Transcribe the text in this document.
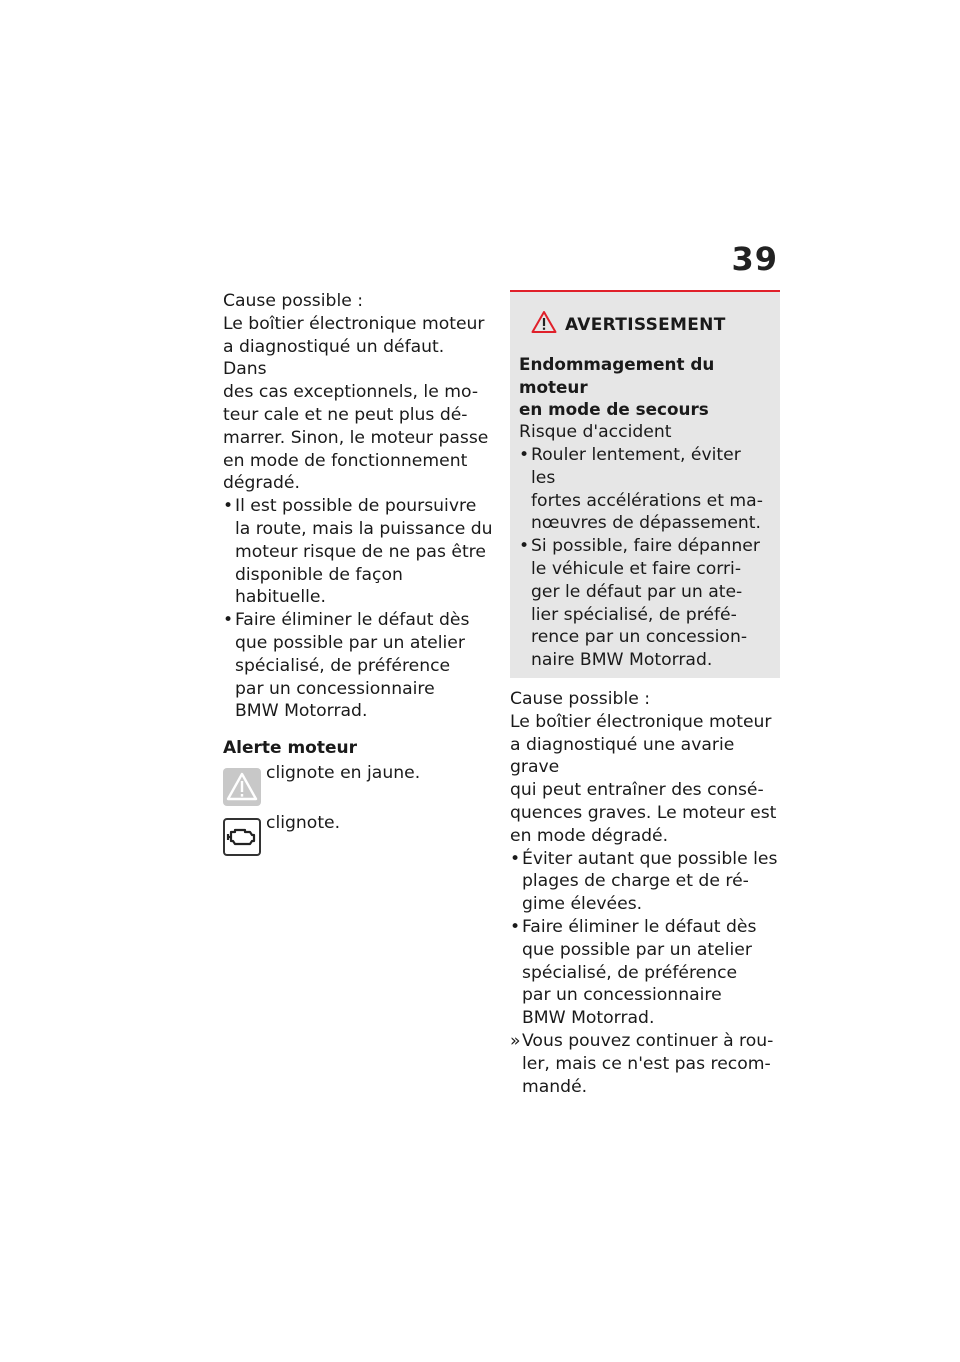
39

Cause possible :

Le boîtier électronique moteur
a diagnostiqué un défaut. Dans
des cas exceptionnels, le mo-
teur cale et ne peut plus dé-
marrer. Sinon, le moteur passe
en mode de fonctionnement
dégradé.

• Il est possible de poursuivre
la route, mais la puissance du
moteur risque de ne pas être
disponible de façon habituelle.
• Faire éliminer le défaut dès
que possible par un atelier
spécialisé, de préférence
par un concessionnaire
BMW Motorrad.
Alerte moteur
clignote en jaune.
clignote.
AVERTISSEMENT

Endommagement du moteur
en mode de secours

Risque d'accident

• Rouler lentement, éviter les
fortes accélérations et ma-
nœuvres de dépassement.
• Si possible, faire dépanner
le véhicule et faire corri-
ger le défaut par un ate-
lier spécialisé, de préfé-
rence par un concession-
naire BMW Motorrad.

Cause possible :

Le boîtier électronique moteur
a diagnostiqué une avarie grave
qui peut entraîner des consé-
quences graves. Le moteur est
en mode dégradé.

• Éviter autant que possible les
plages de charge et de ré-
gime élevées.
• Faire éliminer le défaut dès
que possible par un atelier
spécialisé, de préférence
par un concessionnaire
BMW Motorrad.
» Vous pouvez continuer à rou-
ler, mais ce n'est pas recom-
mandé.
